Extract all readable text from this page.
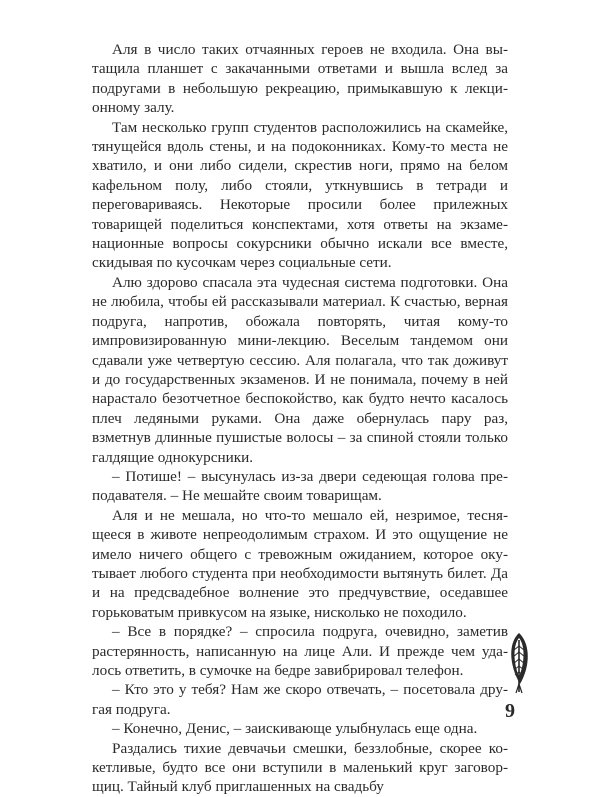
Аля в число таких отчаянных героев не входила. Она вытащила планшет с закачанными ответами и вышла вслед за подругами в небольшую рекреацию, примыкавшую к лекционному залу.

Там несколько групп студентов расположились на скамейке, тянущейся вдоль стены, и на подоконниках. Кому-то места не хватило, и они либо сидели, скрестив ноги, прямо на белом кафельном полу, либо стояли, уткнувшись в тетради и переговариваясь. Некоторые просили более прилежных товарищей поделиться конспектами, хотя ответы на экзаменационные вопросы сокурсники обычно искали все вместе, скидывая по кусочкам через социальные сети.

Алю здорово спасала эта чудесная система подготовки. Она не любила, чтобы ей рассказывали материал. К счастью, верная подруга, напротив, обожала повторять, читая кому-то импровизированную мини-лекцию. Веселым тандемом они сдавали уже четвертую сессию. Аля полагала, что так доживут и до государственных экзаменов. И не понимала, почему в ней нарастало безотчетное беспокойство, как будто нечто касалось плеч ледяными руками. Она даже обернулась пару раз, взметнув длинные пушистые волосы – за спиной стояли только галдящие однокурсники.

– Потише! – высунулась из-за двери седеющая голова преподавателя. – Не мешайте своим товарищам.

Аля и не мешала, но что-то мешало ей, незримое, теснящееся в животе непреодолимым страхом. И это ощущение не имело ничего общего с тревожным ожиданием, которое окутывает любого студента при необходимости вытянуть билет. Да и на предсвадебное волнение это предчувствие, оседавшее горьковатым привкусом на языке, нисколько не походило.

– Все в порядке? – спросила подруга, очевидно, заметив растерянность, написанную на лице Али. И прежде чем удалось ответить, в сумочке на бедре завибрировал телефон.

– Кто это у тебя? Нам же скоро отвечать, – посетовала другая подруга.

– Конечно, Денис, – заискивающе улыбнулась еще одна.

Раздались тихие девчачьи смешки, беззлобные, скорее кокетливые, будто все они вступили в маленький круг заговорщиц. Тайный клуб приглашенных на свадьбу

9
